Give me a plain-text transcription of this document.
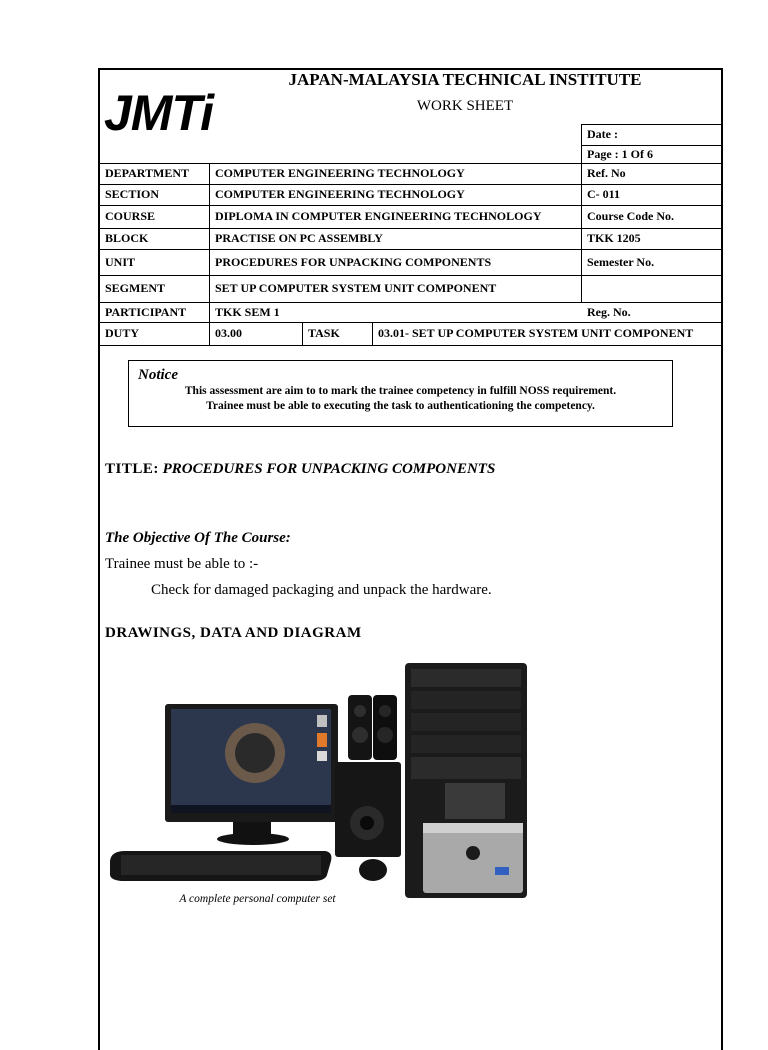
JMTi
JAPAN-MALAYSIA TECHNICAL INSTITUTE
WORK SHEET
Date :
Page : 1 Of 6
DEPARTMENT	COMPUTER ENGINEERING TECHNOLOGY	Ref. No
SECTION	COMPUTER ENGINEERING TECHNOLOGY	C- 011
COURSE	DIPLOMA IN COMPUTER ENGINEERING TECHNOLOGY	Course Code No.
BLOCK	PRACTISE ON PC ASSEMBLY	TKK 1205
UNIT	PROCEDURES FOR UNPACKING COMPONENTS	Semester No.
SEGMENT	SET UP COMPUTER SYSTEM UNIT COMPONENT
PARTICIPANT	TKK SEM 1	Reg. No.
DUTY	03.00	TASK	03.01- SET UP COMPUTER SYSTEM UNIT COMPONENT
Notice
This assessment are aim to to mark the trainee competency in fulfill NOSS requirement.
Trainee must be able to executing the task to authenticationing the competency.
TITLE: PROCEDURES FOR UNPACKING COMPONENTS
The Objective Of The Course:
Trainee must be able to :-
Check for damaged packaging and unpack the hardware.
DRAWINGS, DATA AND DIAGRAM
A complete personal computer set
